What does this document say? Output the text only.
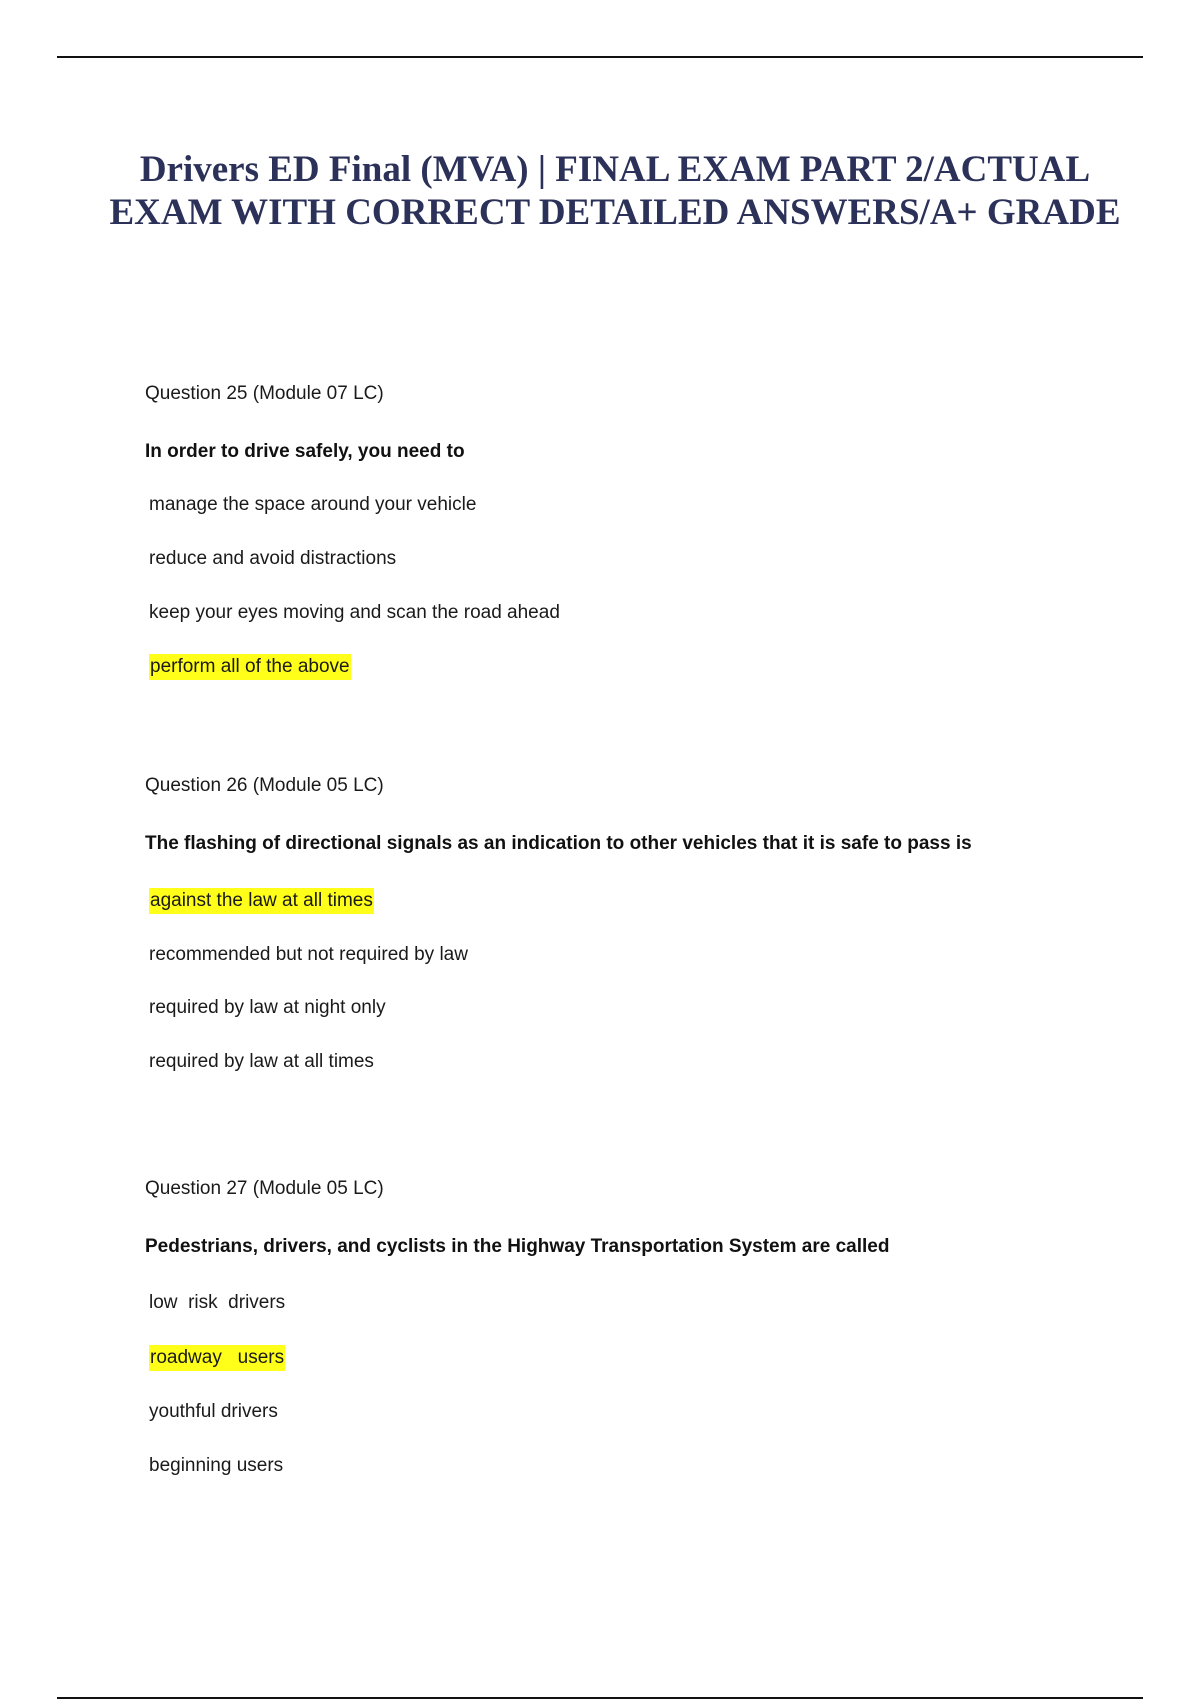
Drivers ED Final (MVA) | FINAL EXAM PART 2/ACTUAL EXAM WITH CORRECT DETAILED ANSWERS/A+ GRADE

Question 25 (Module 07 LC)

In order to drive safely, you need to

manage the space around your vehicle
reduce and avoid distractions
keep your eyes moving and scan the road ahead
perform all of the above

Question 26 (Module 05 LC)

The flashing of directional signals as an indication to other vehicles that it is safe to pass is

against the law at all times
recommended but not required by law
required by law at night only
required by law at all times

Question 27 (Module 05 LC)

Pedestrians, drivers, and cyclists in the Highway Transportation System are called

low  risk  drivers
roadway   users
youthful drivers
beginning users
